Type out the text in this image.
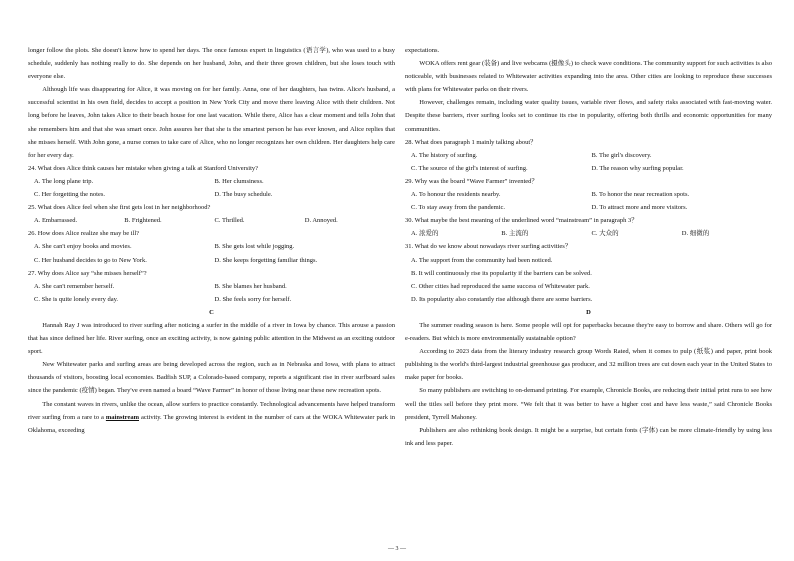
longer follow the plots. She doesn't know how to spend her days. The once famous expert in linguistics (语言学), who was used to a busy schedule, suddenly has nothing really to do. She depends on her husband, John, and their three grown children, but she loses touch with everyone else.

Although life was disappearing for Alice, it was moving on for her family. Anna, one of her daughters, has twins. Alice's husband, a successful scientist in his own field, decides to accept a position in New York City and move there leaving Alice with their children. Not long before he leaves, John takes Alice to their beach house for one last vacation. While there, Alice has a clear moment and tells John that she remembers him and that she was smart once. John assures her that she is the smartest person he has ever known, and Alice replies that she misses herself. With John gone, a nurse comes to take care of Alice, who no longer recognizes her own children. Her daughters help care for her every day.

24. What does Alice think causes her mistake when giving a talk at Stanford University?

A. The long plane trip.	B. Her clumsiness.
C. Her forgetting the notes.	D. The busy schedule.

25. What does Alice feel when she first gets lost in her neighborhood?

A. Embarrassed.	B. Frightened.	C. Thrilled.	D. Annoyed.

26. How does Alice realize she may be ill?

A. She can't enjoy books and movies.	B. She gets lost while jogging.
C. Her husband decides to go to New York.	D. She keeps forgetting familiar things.

27. Why does Alice say “she misses herself”?

A. She can't remember herself.	B. She blames her husband.
C. She is quite lonely every day.	D. She feels sorry for herself.

C

Hannah Ray J was introduced to river surfing after noticing a surfer in the middle of a river in Iowa by chance. This arouse a passion that has since defined her life. River surfing, once an exciting activity, is now gaining public attention in the Midwest as an exciting outdoor sport.

New Whitewater parks and surfing areas are being developed across the region, such as in Nebraska and Iowa, with plans to attract thousands of visitors, boosting local economies. Badfish SUP, a Colorado-based company, reports a significant rise in river surfboard sales since the pandemic (疫情) began. They've even named a board “Wave Farmer” in honor of those living near these new recreation spots.

The constant waves in rivers, unlike the ocean, allow surfers to practice constantly. Technological advancements have helped transform river surfing from a rare to a mainstream activity. The growing interest is evident in the number of cars at the WOKA Whitewater park in Oklahoma, exceeding

expectations.

WOKA offers rent gear (装备) and live webcams (摄像头) to check wave conditions. The community support for such activities is also noticeable, with businesses related to Whitewater activities expanding into the area. Other cities are looking to reproduce these successes with plans for Whitewater parks on their rivers.

However, challenges remain, including water quality issues, variable river flows, and safety risks associated with fast-moving water. Despite these barriers, river surfing looks set to continue its rise in popularity, offering both thrills and economic opportunities for many communities.

28. What does paragraph 1 mainly talking about？

A. The history of surfing.	B. The girl's discovery.
C. The source of the girl's interest of surfing.	D. The reason why surfing popular.

29. Why was the board “Wave Farmer” invented？

A. To honour the residents nearby.	B. To honor the near recreation spots.
C. To stay away from the pandemic.	D. To attract more and more visitors.

30. What maybe the best meaning of the underlined word “mainstream” in paragraph 3？

A. 浓爱的	B. 主流的	C. 大众的	D. 细微的

31. What do we know about nowadays river surfing activities？

A. The support from the community had been noticed.
B. It will continuously rise its popularity if the barriers can be solved.
C. Other cities had reproduced the same success of Whitewater park.
D. Its popularity also constantly rise although there are some barriers.

D

The summer reading season is here. Some people will opt for paperbacks because they're easy to borrow and share. Others will go for e-readers. But which is more environmentally sustainable option?

According to 2023 data from the literary industry research group Words Rated, when it comes to pulp (纸浆) and paper, print book publishing is the world's third-largest industrial greenhouse gas producer, and 32 million trees are cut down each year in the United States to make paper for books.

So many publishers are switching to on-demand printing. For example, Chronicle Books, are reducing their initial print runs to see how well the titles sell before they print more. “We felt that it was better to have a higher cost and have less waste,” said Chronicle Books president, Tyrrell Mahoney.

Publishers are also rethinking book design. It might be a surprise, but certain fonts (字体) can be more climate-friendly by using less ink and less paper.

— 3 —
